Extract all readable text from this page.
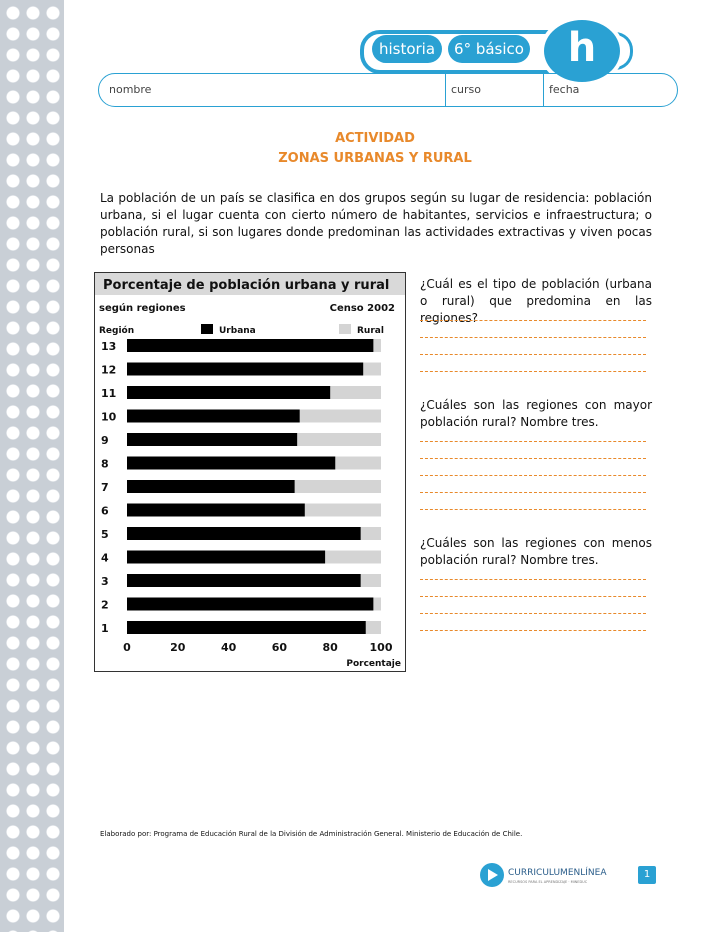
historia	6° básico	h
nombre	curso	fecha
ACTIVIDAD
ZONAS URBANAS Y RURAL
La población de un país se clasifica en dos grupos según su lugar de residencia: población urbana, si el lugar cuenta con cierto número de habitantes, servicios e infraestructura; o población rural, si son lugares donde predominan las actividades extractivas y viven pocas personas
Porcentaje de población urbana y rural
según regiones	Censo 2002
Región	Urbana	Rural
13
12
11
10
9
8
7
6
5
4
3
2
1
0	20	40	60	80	100
Porcentaje
¿Cuál es el tipo de población (urbana o rural) que predomina en las regiones?
¿Cuáles son las regiones con mayor población rural? Nombre tres.
¿Cuáles son las regiones con menos población rural? Nombre tres.
Elaborado por: Programa de Educación Rural de la División de Administración General. Ministerio de Educación de Chile.
CURRICULUMENLÍNEA
RECURSOS PARA EL APRENDIZAJE · MINEDUC
1
